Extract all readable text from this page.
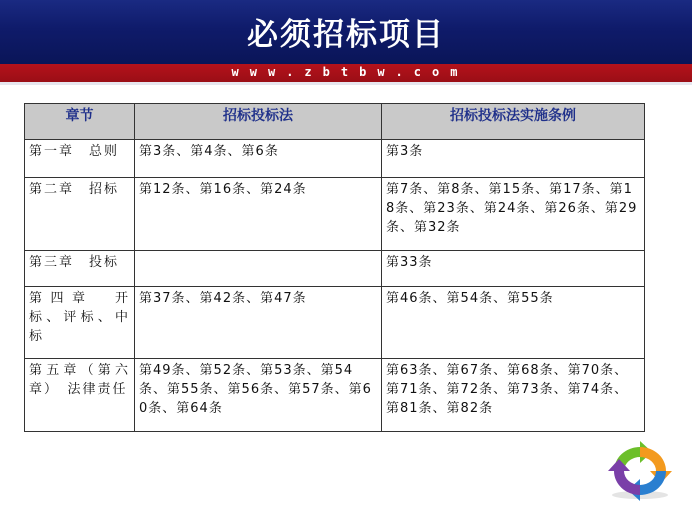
必须招标项目
www.zbtbw.com
章节	招标投标法	招标投标法实施条例
第一章　总则	第3条、第4条、第6条	第3条
第二章　招标	第12条、第16条、第24条	第7条、第8条、第15条、第17条、第18条、第23条、第24条、第26条、第29条、第32条
第三章　投标		第33条
第四章　开标、评标、中标	第37条、第42条、第47条	第46条、第54条、第55条
第五章（第六章）　法律责任	第49条、第52条、第53条、第54条、第55条、第56条、第57条、第60条、第64条	第63条、第67条、第68条、第70条、第71条、第72条、第73条、第74条、第81条、第82条
